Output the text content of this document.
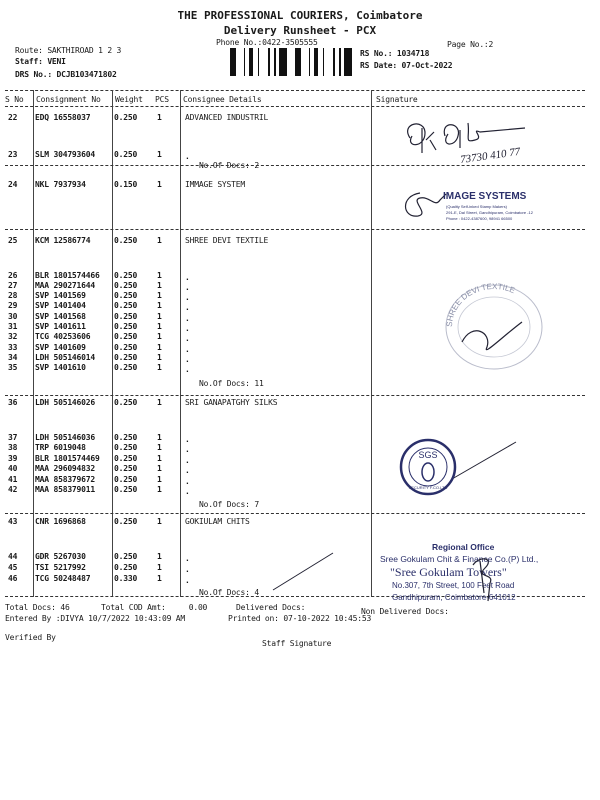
THE PROFESSIONAL COURIERS, Coimbatore
Delivery Runsheet - PCX
Phone No.:0422-3505555	Page No.:2
Route: SAKTHIROAD 1 2 3
Staff: VENI
DRS No.: DCJB103471802
RS No.: 1034718
RS Date: 07-Oct-2022
S No Consignment No Weight PCS Consignee Details	Signature
22 EDQ 16558037	0.250 1	ADVANCED INDUSTRIL
23 SLM 304793604 0.250 1	.
No.Of Docs: 2
24 NKL 7937934	0.150 1	IMMAGE SYSTEM
25 KCM 12586774	0.250 1	SHREE DEVI TEXTILE
26 BLR 1801574466 0.250 1	.
27 MAA 290271644 0.250 1	.
28 SVP 1401569	0.250 1	.
29 SVP 1401404	0.250 1	.
30 SVP 1401568	0.250 1	.
31 SVP 1401611	0.250 1	.
32 TCG 40253606	0.250 1	.
33 SVP 1401609	0.250 1	.
34 LDH 505146014 0.250 1	.
35 SVP 1401610	0.250 1	.
No.Of Docs: 11
36 LDH 505146026 0.250 1	SRI GANAPATGHY SILKS
37 LDH 505146036 0.250 1	.
38 TRP 6019048	0.250 1	.
39 BLR 1801574469 0.250 1	.
40 MAA 296094832 0.250 1	.
41 MAA 858379672 0.250 1	.
42 MAA 858379011 0.250 1	.
No.Of Docs: 7
43 CNR 1696868	0.250 1	GOKIULAM CHITS
44 GDR 5267030	0.250 1	.
45 TSI 5217992	0.250 1	.
46 TCG 50248487	0.330 1	.
No.Of Docs: 4
73730 410 77
IMAGE SYSTEMS
(Quality Self-inked Stamp Makers)
291-E, Dal Street, Gandhipuram, Coimbatore -12
Phone : 0422-4387600, 98941 66500
SHREE DEVI TEXTILE
SGS
SECURITY F.CO.LTD
Regional Office
Sree Gokulam Chit & Finance Co.(P) Ltd.,
"Sree Gokulam Towers"
No.307, 7th Street, 100 Feet Road
Gandhipuram, Coimbatore-641012
Total Docs: 46	Total COD Amt:     0.00	Delivered Docs:	Non Delivered Docs:
Entered By :DIVYA 10/7/2022 10:43:09 AM	Printed on: 07-10-2022 10:45:53
Verified By
Staff Signature
